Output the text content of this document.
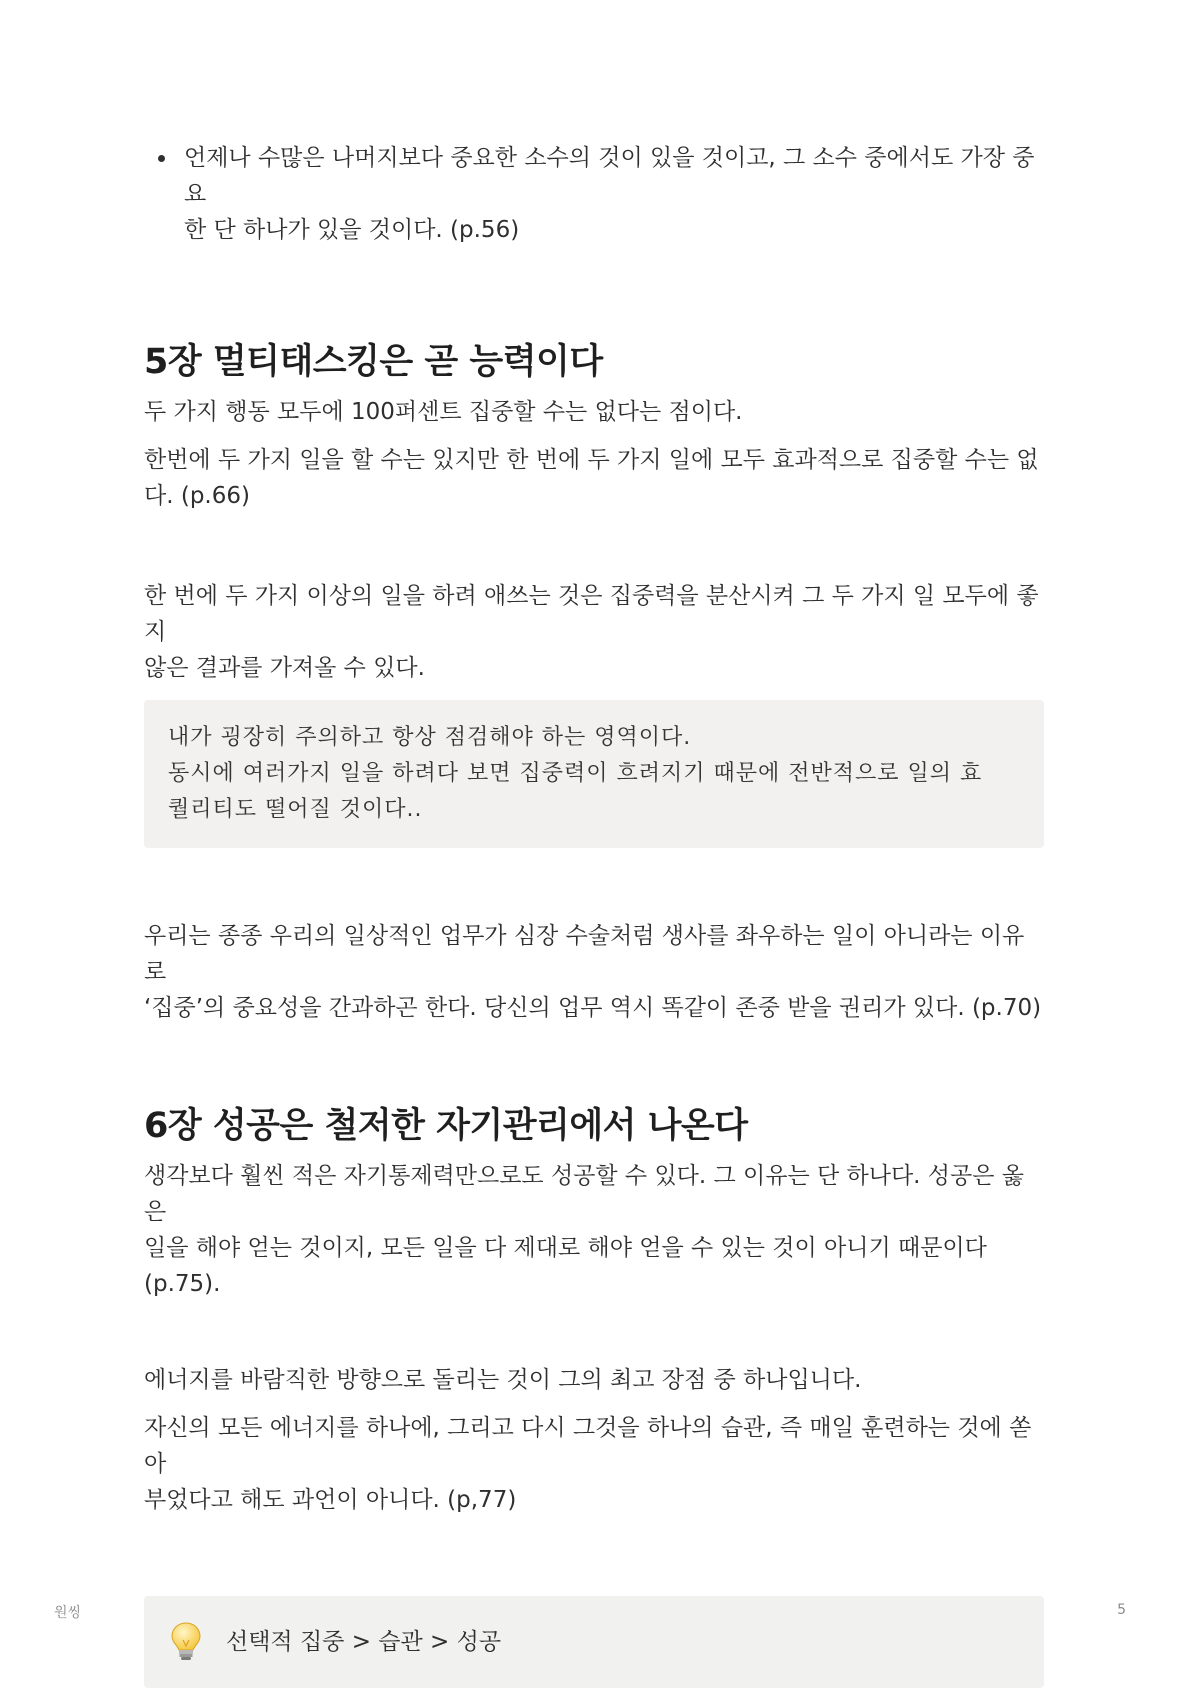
언제나 수많은 나머지보다 중요한 소수의 것이 있을 것이고, 그 소수 중에서도 가장 중요
한 단 하나가 있을 것이다. (p.56)
5장 멀티태스킹은 곧 능력이다

두 가지 행동 모두에 100퍼센트 집중할 수는 없다는 점이다.

한번에 두 가지 일을 할 수는 있지만 한 번에 두 가지 일에 모두 효과적으로 집중할 수는 없
다. (p.66)

한 번에 두 가지 이상의 일을 하려 애쓰는 것은 집중력을 분산시켜 그 두 가지 일 모두에 좋지
않은 결과를 가져올 수 있다.

내가 굉장히 주의하고 항상 점검해야 하는 영역이다.
동시에 여러가지 일을 하려다 보면 집중력이 흐려지기 때문에 전반적으로 일의 효
퀄리티도 떨어질 것이다..

우리는 종종 우리의 일상적인 업무가 심장 수술처럼 생사를 좌우하는 일이 아니라는 이유로
‘집중’의 중요성을 간과하곤 한다. 당신의 업무 역시 똑같이 존중 받을 권리가 있다. (p.70)

6장 성공은 철저한 자기관리에서 나온다

생각보다 훨씬 적은 자기통제력만으로도 성공할 수 있다. 그 이유는 단 하나다. 성공은 옳은
일을 해야 얻는 것이지, 모든 일을 다 제대로 해야 얻을 수 있는 것이 아니기 때문이다
(p.75).

에너지를 바람직한 방향으로 돌리는 것이 그의 최고 장점 중 하나입니다.

자신의 모든 에너지를 하나에, 그리고 다시 그것을 하나의 습관, 즉 매일 훈련하는 것에 쏟아
부었다고 해도 과언이 아니다. (p,77)

선택적 집중 > 습관 > 성공
원씽	5
